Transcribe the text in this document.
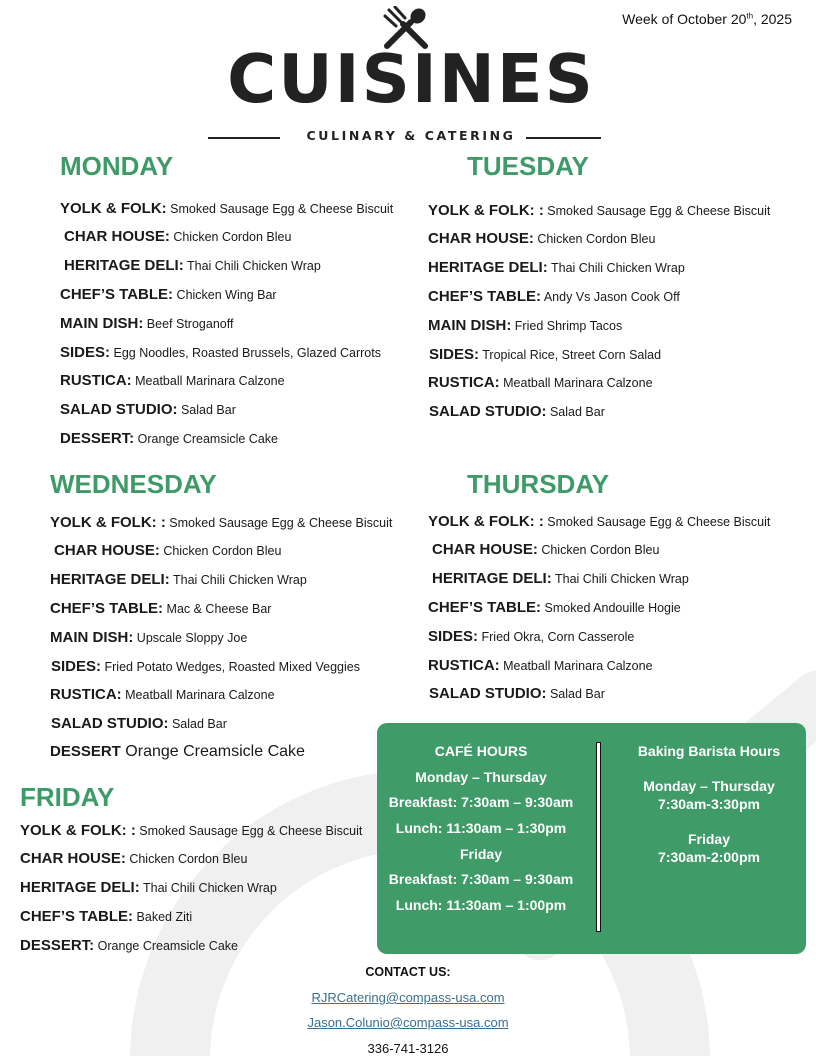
Week of October 20th, 2025
CUISINES
CULINARY & CATERING
MONDAY
YOLK & FOLK: Smoked Sausage Egg & Cheese Biscuit
CHAR HOUSE: Chicken Cordon Bleu
HERITAGE DELI: Thai Chili Chicken Wrap
CHEF’S TABLE: Chicken Wing Bar
MAIN DISH: Beef Stroganoff
SIDES: Egg Noodles, Roasted Brussels, Glazed Carrots
RUSTICA: Meatball Marinara Calzone
SALAD STUDIO: Salad Bar
DESSERT: Orange Creamsicle Cake
TUESDAY
YOLK & FOLK: : Smoked Sausage Egg & Cheese Biscuit
CHAR HOUSE: Chicken Cordon Bleu
HERITAGE DELI: Thai Chili Chicken Wrap
CHEF’S TABLE: Andy Vs Jason Cook Off
MAIN DISH: Fried Shrimp Tacos
SIDES: Tropical Rice, Street Corn Salad
RUSTICA: Meatball Marinara Calzone
SALAD STUDIO: Salad Bar
WEDNESDAY
YOLK & FOLK: : Smoked Sausage Egg & Cheese Biscuit
CHAR HOUSE: Chicken Cordon Bleu
HERITAGE DELI: Thai Chili Chicken Wrap
CHEF’S TABLE: Mac & Cheese Bar
MAIN DISH: Upscale Sloppy Joe
SIDES: Fried Potato Wedges, Roasted Mixed Veggies
RUSTICA: Meatball Marinara Calzone
SALAD STUDIO: Salad Bar
DESSERT Orange Creamsicle Cake
THURSDAY
YOLK & FOLK: : Smoked Sausage Egg & Cheese Biscuit
CHAR HOUSE: Chicken Cordon Bleu
HERITAGE DELI: Thai Chili Chicken Wrap
CHEF’S TABLE: Smoked Andouille Hogie
SIDES: Fried Okra, Corn Casserole
RUSTICA: Meatball Marinara Calzone
SALAD STUDIO: Salad Bar
FRIDAY
YOLK & FOLK: : Smoked Sausage Egg & Cheese Biscuit
CHAR HOUSE: Chicken Cordon Bleu
HERITAGE DELI: Thai Chili Chicken Wrap
CHEF’S TABLE: Baked Ziti
DESSERT: Orange Creamsicle Cake
CAFÉ HOURS
Monday – Thursday
Breakfast: 7:30am – 9:30am
Lunch: 11:30am – 1:30pm
Friday
Breakfast: 7:30am – 9:30am
Lunch: 11:30am – 1:00pm
Baking Barista Hours
Monday – Thursday
7:30am-3:30pm
Friday
7:30am-2:00pm
CONTACT US:
RJRCatering@compass-usa.com
Jason.Colunio@compass-usa.com
336-741-3126
